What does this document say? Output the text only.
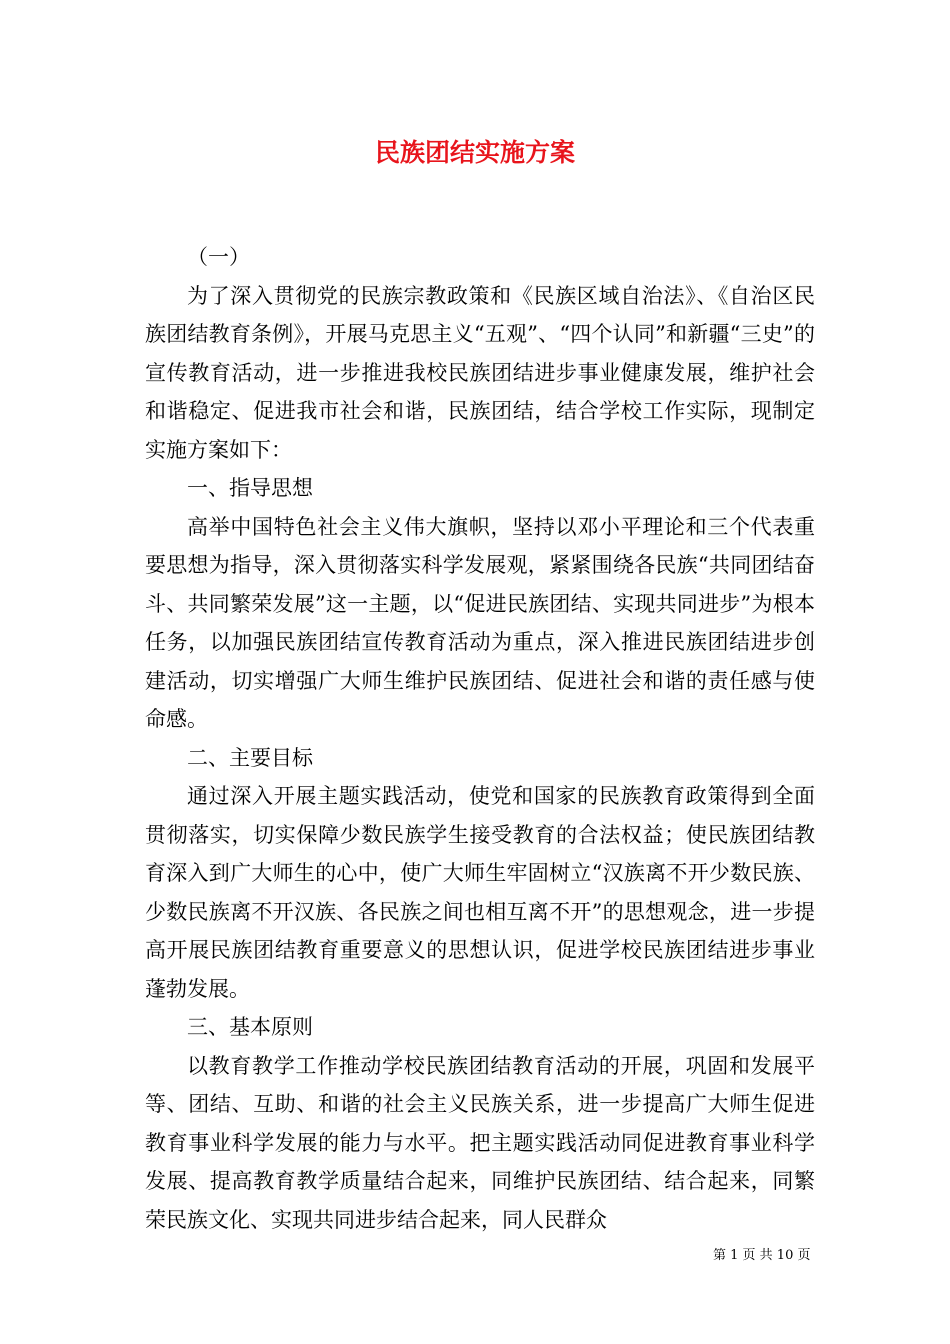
民族团结实施方案

（一）

为了深入贯彻党的民族宗教政策和《民族区域自治法》、《自治区民族团结教育条例》，开展马克思主义“五观”、“四个认同”和新疆“三史”的宣传教育活动，进一步推进我校民族团结进步事业健康发展，维护社会和谐稳定、促进我市社会和谐，民族团结，结合学校工作实际，现制定实施方案如下：

一、指导思想

高举中国特色社会主义伟大旗帜，坚持以邓小平理论和三个代表重要思想为指导，深入贯彻落实科学发展观，紧紧围绕各民族“共同团结奋斗、共同繁荣发展”这一主题，以“促进民族团结、实现共同进步”为根本任务，以加强民族团结宣传教育活动为重点，深入推进民族团结进步创建活动，切实增强广大师生维护民族团结、促进社会和谐的责任感与使命感。

二、主要目标

通过深入开展主题实践活动，使党和国家的民族教育政策得到全面贯彻落实，切实保障少数民族学生接受教育的合法权益；使民族团结教育深入到广大师生的心中，使广大师生牢固树立“汉族离不开少数民族、少数民族离不开汉族、各民族之间也相互离不开”的思想观念，进一步提高开展民族团结教育重要意义的思想认识，促进学校民族团结进步事业蓬勃发展。

三、基本原则

以教育教学工作推动学校民族团结教育活动的开展，巩固和发展平等、团结、互助、和谐的社会主义民族关系，进一步提高广大师生促进教育事业科学发展的能力与水平。把主题实践活动同促进教育事业科学发展、提高教育教学质量结合起来，同维护民族团结、结合起来，同繁荣民族文化、实现共同进步结合起来，同人民群众

第 1 页 共 10 页
